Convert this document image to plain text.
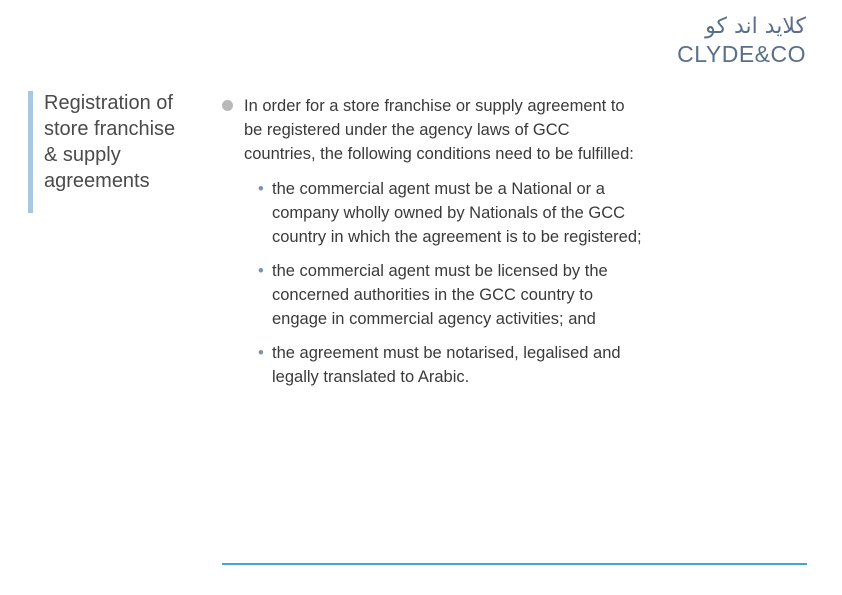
كلايد اند كو
CLYDE&CO
Registration of
store franchise
& supply
agreements
In order for a store franchise or supply agreement to
be registered under the agency laws of GCC
countries, the following conditions need to be fulfilled:
• the commercial agent must be a National or a
company wholly owned by Nationals of the GCC
country in which the agreement is to be registered;
• the commercial agent must be licensed by the
concerned authorities in the GCC country to
engage in commercial agency activities; and
• the agreement must be notarised, legalised and
legally translated to Arabic.
